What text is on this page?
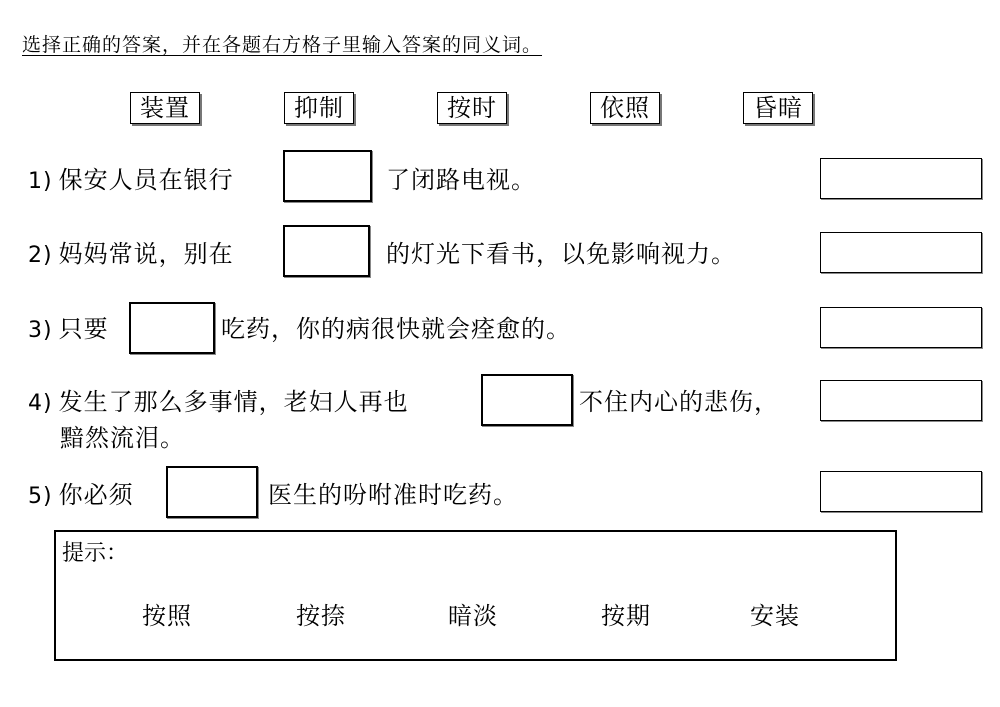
选择正确的答案，并在各题右方格子里输入答案的同义词。
装置	抑制	按时	依照	昏暗
1) 保安人员在银行	了闭路电视。
2) 妈妈常说，别在	的灯光下看书，以免影响视力。
3) 只要	吃药，你的病很快就会痊愈的。
4) 发生了那么多事情，老妇人再也	不住内心的悲伤，
黯然流泪。
5) 你必须	医生的吩咐准时吃药。
提示：
按照	按捺	暗淡	按期	安装
